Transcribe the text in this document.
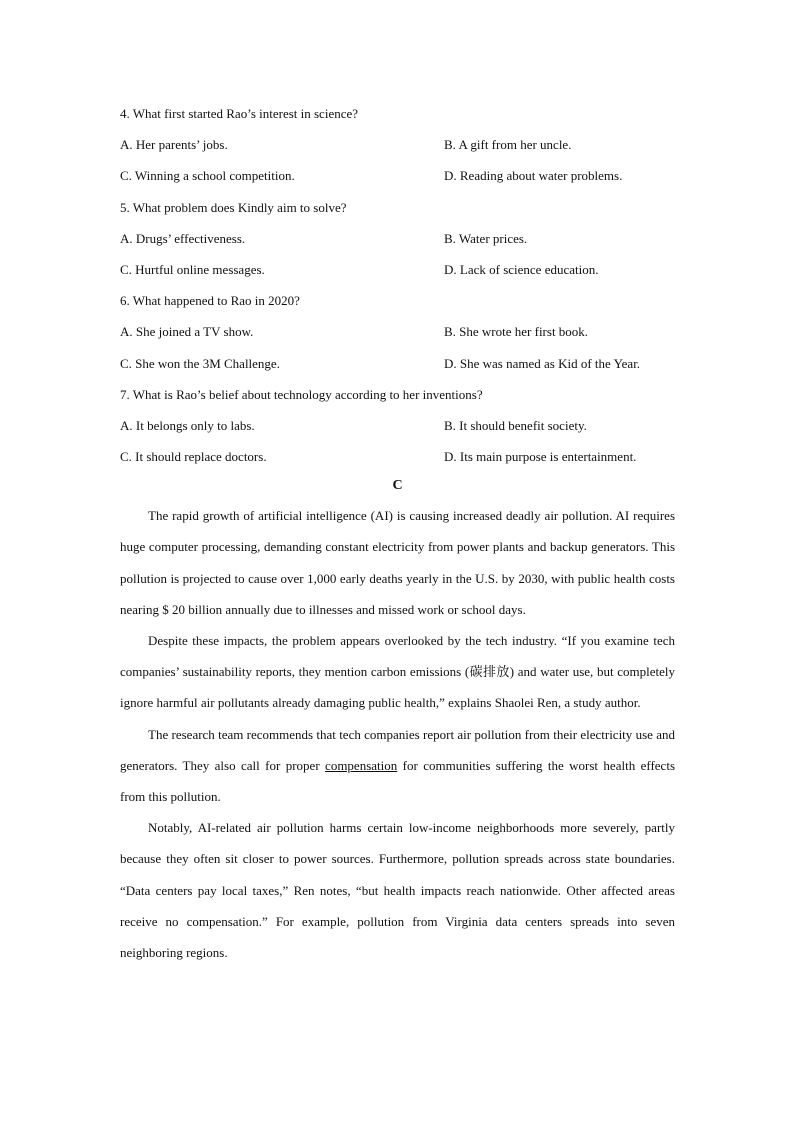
4. What first started Rao’s interest in science?
A. Her parents’ jobs.	B. A gift from her uncle.
C. Winning a school competition.	D. Reading about water problems.
5. What problem does Kindly aim to solve?
A. Drugs’ effectiveness.	B. Water prices.
C. Hurtful online messages.	D. Lack of science education.
6. What happened to Rao in 2020?
A. She joined a TV show.	B. She wrote her first book.
C. She won the 3M Challenge.	D. She was named as Kid of the Year.
7. What is Rao’s belief about technology according to her inventions?
A. It belongs only to labs.	B. It should benefit society.
C. It should replace doctors.	D. Its main purpose is entertainment.
C

The rapid growth of artificial intelligence (AI) is causing increased deadly air pollution. AI requires huge computer processing, demanding constant electricity from power plants and backup generators. This pollution is projected to cause over 1,000 early deaths yearly in the U.S. by 2030, with public health costs nearing $ 20 billion annually due to illnesses and missed work or school days.

Despite these impacts, the problem appears overlooked by the tech industry. “If you examine tech companies’ sustainability reports, they mention carbon emissions (碳排放) and water use, but completely ignore harmful air pollutants already damaging public health,” explains Shaolei Ren, a study author.

The research team recommends that tech companies report air pollution from their electricity use and generators. They also call for proper compensation for communities suffering the worst health effects from this pollution.

Notably, AI-related air pollution harms certain low-income neighborhoods more severely, partly because they often sit closer to power sources. Furthermore, pollution spreads across state boundaries. “Data centers pay local taxes,” Ren notes, “but health impacts reach nationwide. Other affected areas receive no compensation.” For example, pollution from Virginia data centers spreads into seven neighboring regions.
